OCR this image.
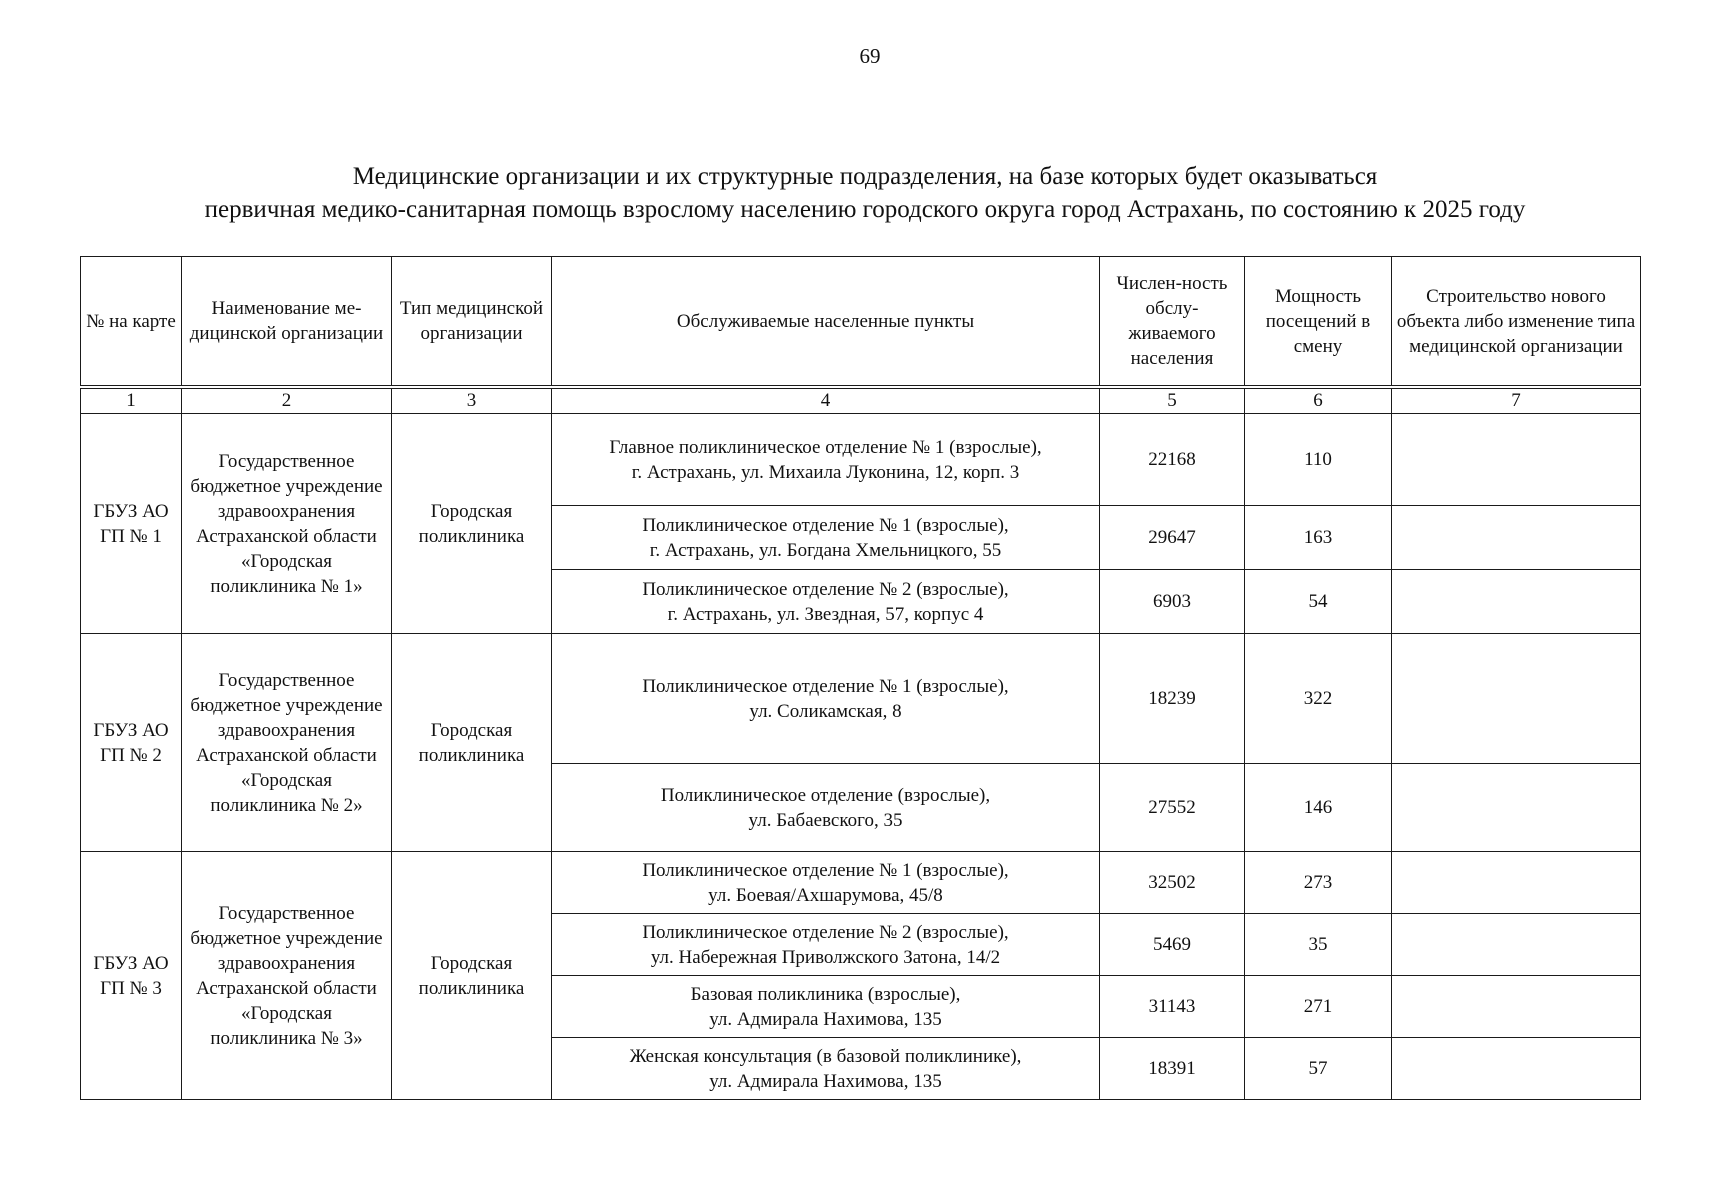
69
Медицинские организации и их структурные подразделения, на базе которых будет оказываться
первичная медико-санитарная помощь взрослому населению городского округа город Астрахань, по состоянию к 2025 году
№ на карте	Наименование ме-дицинской организации	Тип медицинской организации	Обслуживаемые населенные пункты	Числен-ность обслу-живаемого населения	Мощность посещений в смену	Строительство нового объекта либо изменение типа медицинской организации

1	2	3	4	5	6	7
ГБУЗ АО ГП № 1	Государственное бюджетное учреждение здравоохранения Астраханской области «Городская поликлиника № 1»	Городская поликлиника	Главное поликлиническое отделение № 1 (взрослые),
г. Астрахань, ул. Михаила Луконина, 12, корп. 3	22168	110	

			Поликлиническое отделение № 1 (взрослые),
г. Астрахань, ул. Богдана Хмельницкого, 55	29647	163	

			Поликлиническое отделение № 2 (взрослые),
г. Астрахань, ул. Звездная, 57, корпус 4	6903	54	
ГБУЗ АО ГП № 2	Государственное бюджетное учреждение здравоохранения Астраханской области «Городская поликлиника № 2»	Городская поликлиника	Поликлиническое отделение № 1 (взрослые),
ул. Соликамская, 8	18239	322	

			Поликлиническое отделение (взрослые),
ул. Бабаевского, 35	27552	146	
ГБУЗ АО ГП № 3	Государственное бюджетное учреждение здравоохранения Астраханской области «Городская поликлиника № 3»	Городская поликлиника	Поликлиническое отделение № 1 (взрослые),
ул. Боевая/Ахшарумова, 45/8	32502	273	

			Поликлиническое отделение № 2 (взрослые),
ул. Набережная Приволжского Затона, 14/2	5469	35	

			Базовая поликлиника (взрослые),
ул. Адмирала Нахимова, 135	31143	271	

			Женская консультация (в базовой поликлинике),
ул. Адмирала Нахимова, 135	18391	57	
